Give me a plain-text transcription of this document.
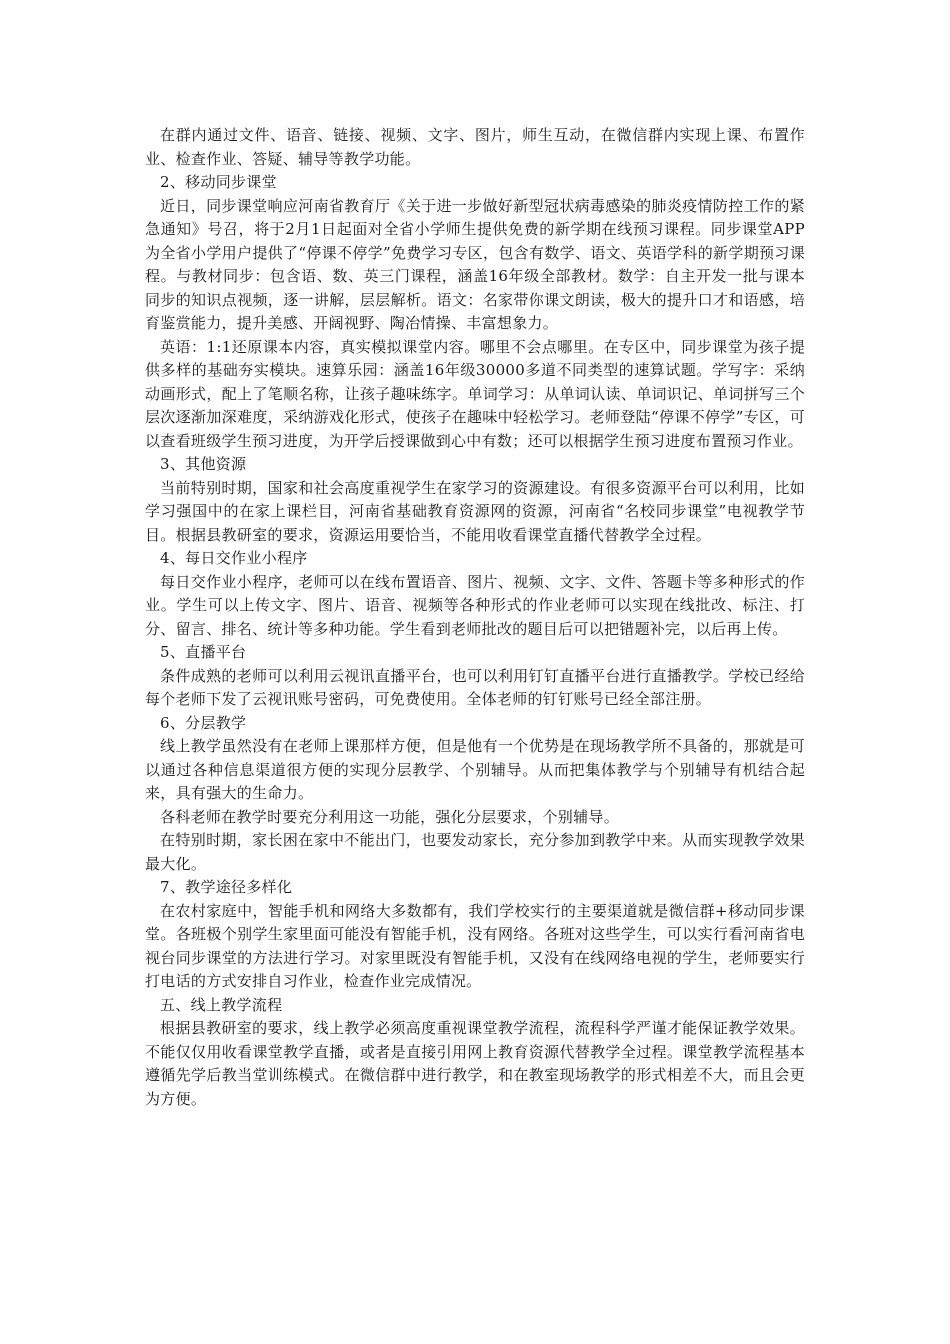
在群内通过文件、语音、链接、视频、文字、图片，师生互动，在微信群内实现上课、布置作业、检查作业、答疑、辅导等教学功能。

2、移动同步课堂

近日，同步课堂响应河南省教育厅《关于进一步做好新型冠状病毒感染的肺炎疫情防控工作的紧急通知》号召，将于2月1日起面对全省小学师生提供免费的新学期在线预习课程。同步课堂APP为全省小学用户提供了“停课不停学”免费学习专区，包含有数学、语文、英语学科的新学期预习课程。与教材同步：包含语、数、英三门课程，涵盖16年级全部教材。数学：自主开发一批与课本同步的知识点视频，逐一讲解，层层解析。语文：名家带你课文朗读，极大的提升口才和语感，培育鉴赏能力，提升美感、开阔视野、陶冶情操、丰富想象力。

英语：1:1还原课本内容，真实模拟课堂内容。哪里不会点哪里。在专区中，同步课堂为孩子提供多样的基础夯实模块。速算乐园：涵盖16年级30000多道不同类型的速算试题。学写字：采纳动画形式，配上了笔顺名称，让孩子趣味练字。单词学习：从单词认读、单词识记、单词拼写三个层次逐渐加深难度，采纳游戏化形式，使孩子在趣味中轻松学习。老师登陆“停课不停学”专区，可以查看班级学生预习进度，为开学后授课做到心中有数；还可以根据学生预习进度布置预习作业。

3、其他资源

当前特别时期，国家和社会高度重视学生在家学习的资源建设。有很多资源平台可以利用，比如学习强国中的在家上课栏目，河南省基础教育资源网的资源，河南省“名校同步课堂”电视教学节目。根据县教研室的要求，资源运用要恰当，不能用收看课堂直播代替教学全过程。

4、每日交作业小程序

每日交作业小程序，老师可以在线布置语音、图片、视频、文字、文件、答题卡等多种形式的作业。学生可以上传文字、图片、语音、视频等各种形式的作业老师可以实现在线批改、标注、打分、留言、排名、统计等多种功能。学生看到老师批改的题目后可以把错题补完，以后再上传。

5、直播平台

条件成熟的老师可以利用云视讯直播平台，也可以利用钉钉直播平台进行直播教学。学校已经给每个老师下发了云视讯账号密码，可免费使用。全体老师的钉钉账号已经全部注册。

6、分层教学

线上教学虽然没有在老师上课那样方便，但是他有一个优势是在现场教学所不具备的，那就是可以通过各种信息渠道很方便的实现分层教学、个别辅导。从而把集体教学与个别辅导有机结合起来，具有强大的生命力。

各科老师在教学时要充分利用这一功能，强化分层要求，个别辅导。

在特别时期，家长困在家中不能出门，也要发动家长，充分参加到教学中来。从而实现教学效果最大化。

7、教学途径多样化

在农村家庭中，智能手机和网络大多数都有，我们学校实行的主要渠道就是微信群+移动同步课堂。各班极个别学生家里面可能没有智能手机，没有网络。各班对这些学生，可以实行看河南省电视台同步课堂的方法进行学习。对家里既没有智能手机，又没有在线网络电视的学生，老师要实行打电话的方式安排自习作业，检查作业完成情况。

五、线上教学流程

根据县教研室的要求，线上教学必须高度重视课堂教学流程，流程科学严谨才能保证教学效果。不能仅仅用收看课堂教学直播，或者是直接引用网上教育资源代替教学全过程。课堂教学流程基本遵循先学后教当堂训练模式。在微信群中进行教学，和在教室现场教学的形式相差不大，而且会更为方便。
